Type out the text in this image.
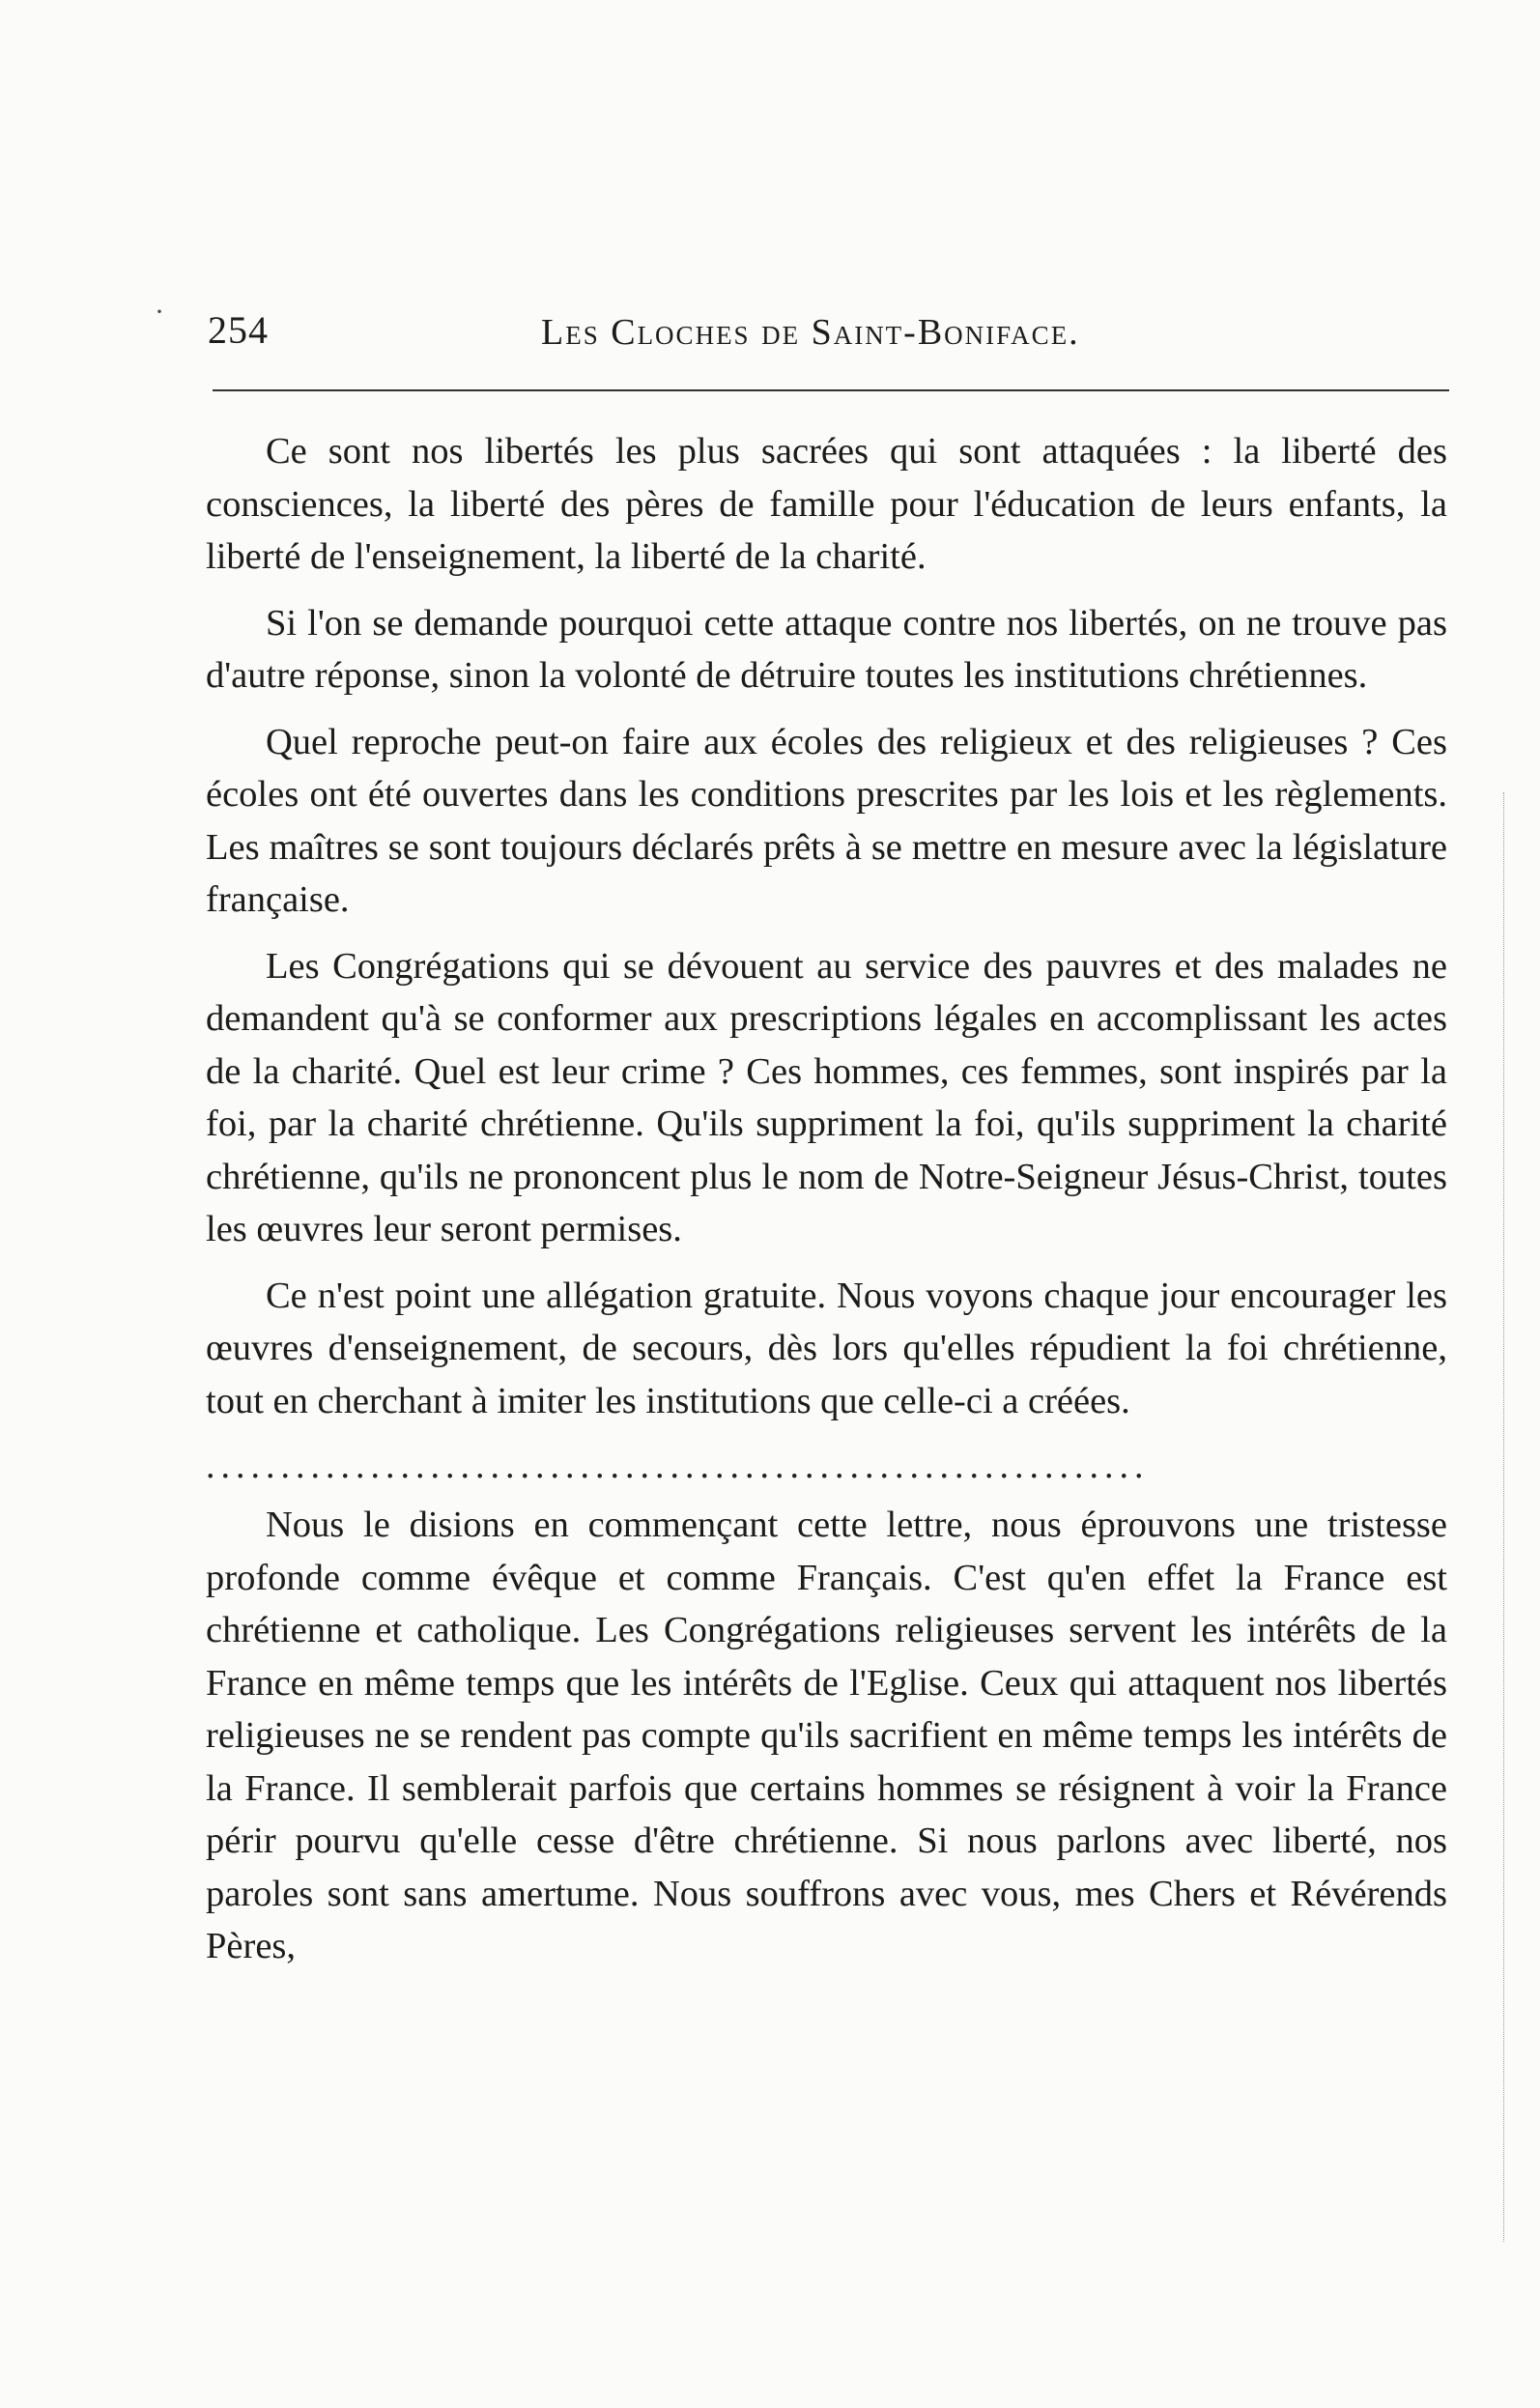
254	Les Cloches de Saint-Boniface.
·

Ce sont nos libertés les plus sacrées qui sont attaquées : la liberté des consciences, la liberté des pères de famille pour l'éducation de leurs enfants, la liberté de l'enseignement, la liberté de la charité.

Si l'on se demande pourquoi cette attaque contre nos libertés, on ne trouve pas d'autre réponse, sinon la volonté de détruire toutes les institutions chrétiennes.

Quel reproche peut-on faire aux écoles des religieux et des religieuses ? Ces écoles ont été ouvertes dans les conditions prescrites par les lois et les règlements. Les maîtres se sont toujours déclarés prêts à se mettre en mesure avec la législature française.

Les Congrégations qui se dévouent au service des pauvres et des malades ne demandent qu'à se conformer aux prescriptions légales en accomplissant les actes de la charité. Quel est leur crime ? Ces hommes, ces femmes, sont inspirés par la foi, par la charité chrétienne. Qu'ils suppriment la foi, qu'ils suppriment la charité chrétienne, qu'ils ne prononcent plus le nom de Notre-Seigneur Jésus-Christ, toutes les œuvres leur seront permises.

Ce n'est point une allégation gratuite. Nous voyons chaque jour encourager les œuvres d'enseignement, de secours, dès lors qu'elles répudient la foi chrétienne, tout en cherchant à imiter les institutions que celle-ci a créées.

...............................................................

Nous le disions en commençant cette lettre, nous éprouvons une tristesse profonde comme évêque et comme Français. C'est qu'en effet la France est chrétienne et catholique. Les Congrégations religieuses servent les intérêts de la France en même temps que les intérêts de l'Eglise. Ceux qui attaquent nos libertés religieuses ne se rendent pas compte qu'ils sacrifient en même temps les intérêts de la France. Il semblerait parfois que certains hommes se résignent à voir la France périr pourvu qu'elle cesse d'être chrétienne. Si nous parlons avec liberté, nos paroles sont sans amertume. Nous souffrons avec vous, mes Chers et Révérends Pères,
